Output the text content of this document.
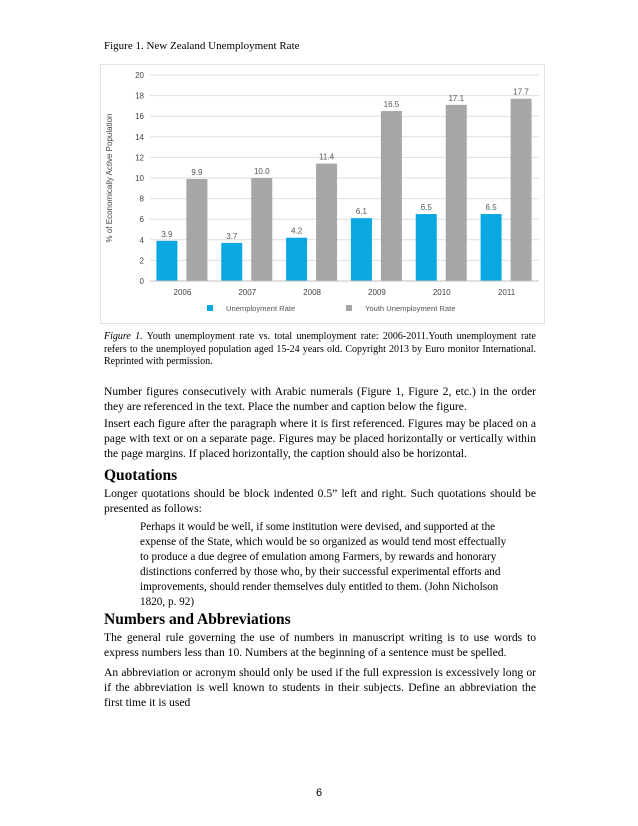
Figure 1. New Zealand Unemployment Rate
0
2
4
6
8
10
12
14
16
18
20
% of Economically Active Population	3.9
9.9
2006
3.7
10.0
2007
4.2
11.4
2008
6.1
16.5
2009
6.5
17.1
2010
6.5
17.7
2011
Unemployment Rate	Youth Unemployment Rate
Figure 1. Youth unemployment rate vs. total unemployment rate: 2006-2011.Youth unemployment rate refers to the unemployed population aged 15-24 years old. Copyright 2013 by Euro monitor International. Reprinted with permission.
Number figures consecutively with Arabic numerals (Figure 1, Figure 2, etc.) in the order they are referenced in the text. Place the number and caption below the figure.
Insert each figure after the paragraph where it is first referenced. Figures may be placed on a page with text or on a separate page. Figures may be placed horizontally or vertically within the page margins. If placed horizontally, the caption should also be horizontal.
Quotations
Longer quotations should be block indented 0.5” left and right. Such quotations should be presented as follows:
Perhaps it would be well, if some institution were devised, and supported at the expense of the State, which would be so organized as would tend most effectually to produce a due degree of emulation among Farmers, by rewards and honorary distinctions conferred by those who, by their successful experimental efforts and improvements, should render themselves duly entitled to them. (John Nicholson 1820, p. 92)
Numbers and Abbreviations
The general rule governing the use of numbers in manuscript writing is to use words to express numbers less than 10. Numbers at the beginning of a sentence must be spelled.
An abbreviation or acronym should only be used if the full expression is excessively long or if the abbreviation is well known to students in their subjects. Define an abbreviation the first time it is used
6
